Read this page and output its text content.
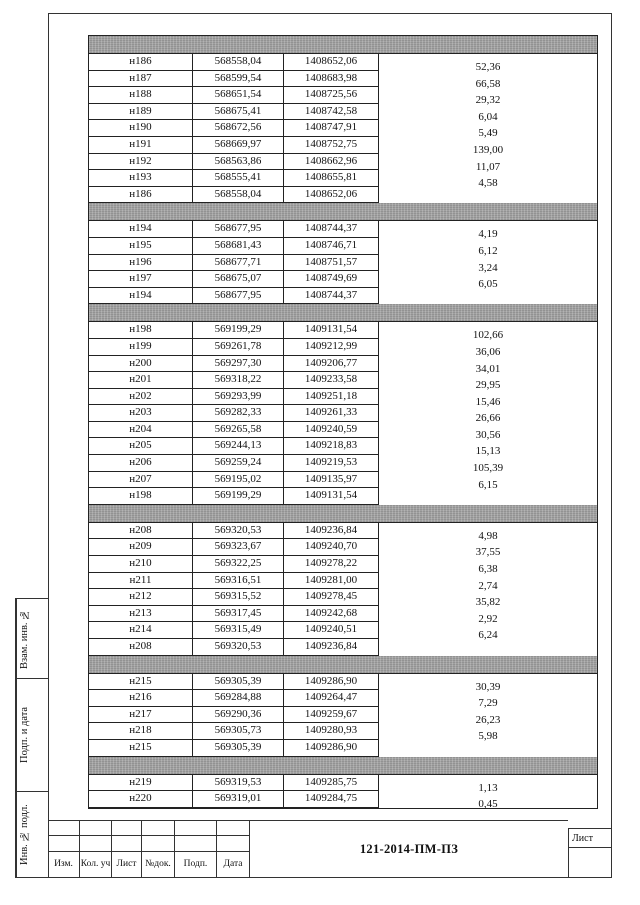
н186	568558,04	1408652,06	52,36
н187	568599,54	1408683,98	66,58
н188	568651,54	1408725,56	29,32
н189	568675,41	1408742,58	6,04
н190	568672,56	1408747,91	5,49
н191	568669,97	1408752,75	139,00
н192	568563,86	1408662,96	11,07
н193	568555,41	1408655,81	4,58
н186	568558,04	1408652,06
н194	568677,95	1408744,37	4,19
н195	568681,43	1408746,71	6,12
н196	568677,71	1408751,57	3,24
н197	568675,07	1408749,69	6,05
н194	568677,95	1408744,37
н198	569199,29	1409131,54	102,66
н199	569261,78	1409212,99	36,06
н200	569297,30	1409206,77	34,01
н201	569318,22	1409233,58	29,95
н202	569293,99	1409251,18	15,46
н203	569282,33	1409261,33	26,66
н204	569265,58	1409240,59	30,56
н205	569244,13	1409218,83	15,13
н206	569259,24	1409219,53	105,39
н207	569195,02	1409135,97	6,15
н198	569199,29	1409131,54
н208	569320,53	1409236,84	4,98
н209	569323,67	1409240,70	37,55
н210	569322,25	1409278,22	6,38
н211	569316,51	1409281,00	2,74
н212	569315,52	1409278,45	35,82
н213	569317,45	1409242,68	2,92
н214	569315,49	1409240,51	6,24
н208	569320,53	1409236,84
н215	569305,39	1409286,90	30,39
н216	569284,88	1409264,47	7,29
н217	569290,36	1409259,67	26,23
н218	569305,73	1409280,93	5,98
н215	569305,39	1409286,90
н219	569319,53	1409285,75	1,13
н220	569319,01	1409284,75	0,45
Изм. Кол. уч Лист №док.	Подп.	Дата
121-2014-ПМ-ПЗ
Лист
Взам. инв. №
Подп. и дата
Инв. № подл.
